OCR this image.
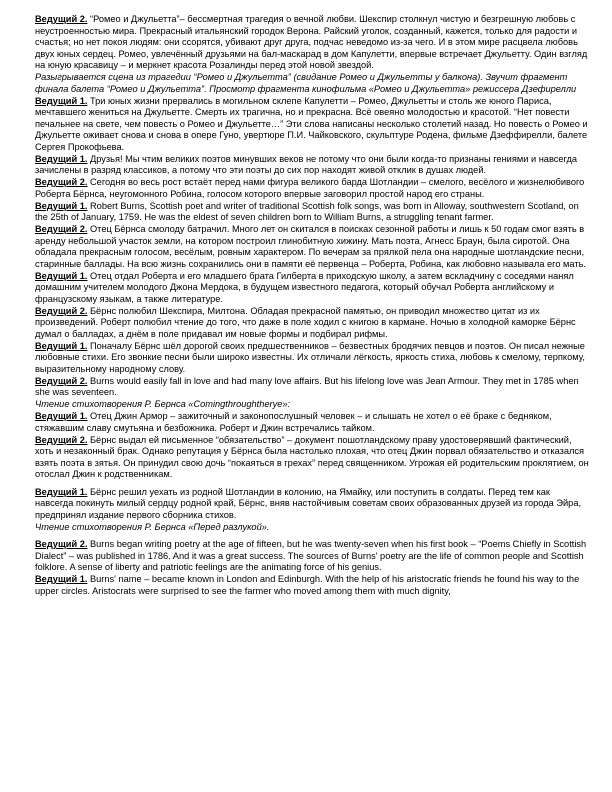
Ведущий 2. “Ромео и Джульетта”– бессмертная трагедия о вечной любви. Шекспир столкнул чистую и безгрешную любовь с неустроенностью мира. Прекрасный итальянский городок Верона. Райский уголок, созданный, кажется, только для радости и счастья; но нет покоя людям: они ссорятся, убивают друг друга, подчас неведомо из-за чего. И в этом мире расцвела любовь двух юных сердец. Ромео, увлечённый друзьями на бал-маскарад в дом Капулетти, впервые встречает Джульетту. Один взгляд на юную красавицу – и меркнет красота Розалинды перед этой новой звездой.

Разыгрывается сцена из трагедии “Ромео и Джульетта” (свидание Ромео и Джульетты у балкона). Звучит фрагмент финала балета “Ромео и Джульетта”. Просмотр фрагмента кинофильма «Ромео и Джульетта» режиссера Дзефирелли

Ведущий 1. Три юных жизни прервались в могильном склепе Капулетти – Ромео, Джульетты и столь же юного Париса, мечтавшего жениться на Джульетте. Смерть их трагична, но и прекрасна. Всё овеяно молодостью и красотой. “Нет повести печальнее на свете, чем повесть о Ромео и Джульетте…” Эти слова написаны несколько столетий назад. Но повесть о Ромео и Джульетте оживает снова и снова в опере Гуно, увертюре П.И. Чайковского, скульптуре Родена, фильме Дзеффирелли, балете Сергея Прокофьева.

Ведущий 1. Друзья! Мы чтим великих поэтов минувших веков не потому что они были когда-то признаны гениями и навсегда зачислены в разряд классиков, а потому что эти поэты до сих пор находят живой отклик в душах людей.

Ведущий 2. Сегодня во весь рост встаёт перед нами фигура великого барда Шотландии – смелого, весёлого и жизнелюбивого Роберта Бёрнса, неугомонного Робина, голосом которого впервые заговорил простой народ его страны.

Ведущий 1. Robert Burns, Scottish poet and writer of traditional Scottish folk songs, was born in Alloway, southwestern Scotland, on the 25th of January, 1759. He was the eldest of seven children born to William Burns, a struggling tenant farmer.

Ведущий 2. Отец Бёрнса смолоду батрачил. Много лет он скитался в поисках сезонной работы и лишь к 50 годам смог взять в аренду небольшой участок земли, на котором построил глинобитную хижину. Мать поэта, Агнесс Браун, была сиротой. Она обладала прекрасным голосом, весёлым, ровным характером. По вечерам за прялкой пела она народные шотландские песни, старинные баллады. На всю жизнь сохранились они в памяти её первенца – Роберта, Робина, как любовно называла его мать.

Ведущий 1. Отец отдал Роберта и его младшего брата Гилберта в приходскую школу, а затем вскладчину с соседями нанял домашним учителем молодого Джона Мердока, в будущем известного педагога, который обучал Роберта английскому и французскому языкам, а также литературе.

Ведущий 2. Бёрнс полюбил Шекспира, Милтона. Обладая прекрасной памятью, он приводил множество цитат из их произведений. Роберт полюбил чтение до того, что даже в поле ходил с книгою в кармане. Ночью в холодной каморке Бёрнс думал о балладах, а днём в поле придавал им новые формы и подбирал рифмы.

Ведущий 1. Поначалу Бёрнс шёл дорогой своих предшественников – безвестных бродячих певцов и поэтов. Он писал нежные любовные стихи. Его звонкие песни были широко известны. Их отличали лёгкость, яркость стиха, любовь к смелому, терпкому, выразительному народному слову.

Ведущий 2. Burns would easily fall in love and had many love affairs. But his lifelong love was Jean Armour. They met in 1785 when she was seventeen.

Чтение стихотворения Р. Бернса «Comingthroughtherye»:

Ведущий 1. Отец Джин Армор – зажиточный и законопослушный человек – и слышать не хотел о её браке с бедняком, стяжавшим славу смутьяна и безбожника. Роберт и Джин встречались тайком.

Ведущий 2. Бёрнс выдал ей письменное “обязательство” – документ пошотландскому праву удостоверявший фактический, хоть и незаконный брак. Однако репутация у Бёрнса была настолько плохая, что отец Джин порвал обязательство и отказался взять поэта в зятья. Он принудил свою дочь “покаяться в грехах” перед священником. Угрожая ей родительским проклятием, он отослал Джин к родственникам.

Ведущий 1. Бёрнс решил уехать из родной Шотландии в колонию, на Ямайку, или поступить в солдаты. Перед тем как навсегда покинуть милый сердцу родной край, Бёрнс, вняв настойчивым советам своих образованных друзей из города Эйра, предпринял издание первого сборника стихов.

Чтение стихотворения Р. Бернса «Перед разлукой».

Ведущий 2. Burns began writing poetry at the age of fifteen, but he was twenty-seven when his first book – “Poems Chiefly in Scottish Dialect” – was published in 1786. And it was a great success. The sources of Burns' poetry are the life of common people and Scottish folklore. A sense of liberty and patriotic feelings are the animating force of his genius.

Ведущий 1. Burns' name – became known in London and Edinburgh. With the help of his aristocratic friends he found his way to the upper circles. Aristocrats were surprised to see the farmer who moved among them with much dignity,
